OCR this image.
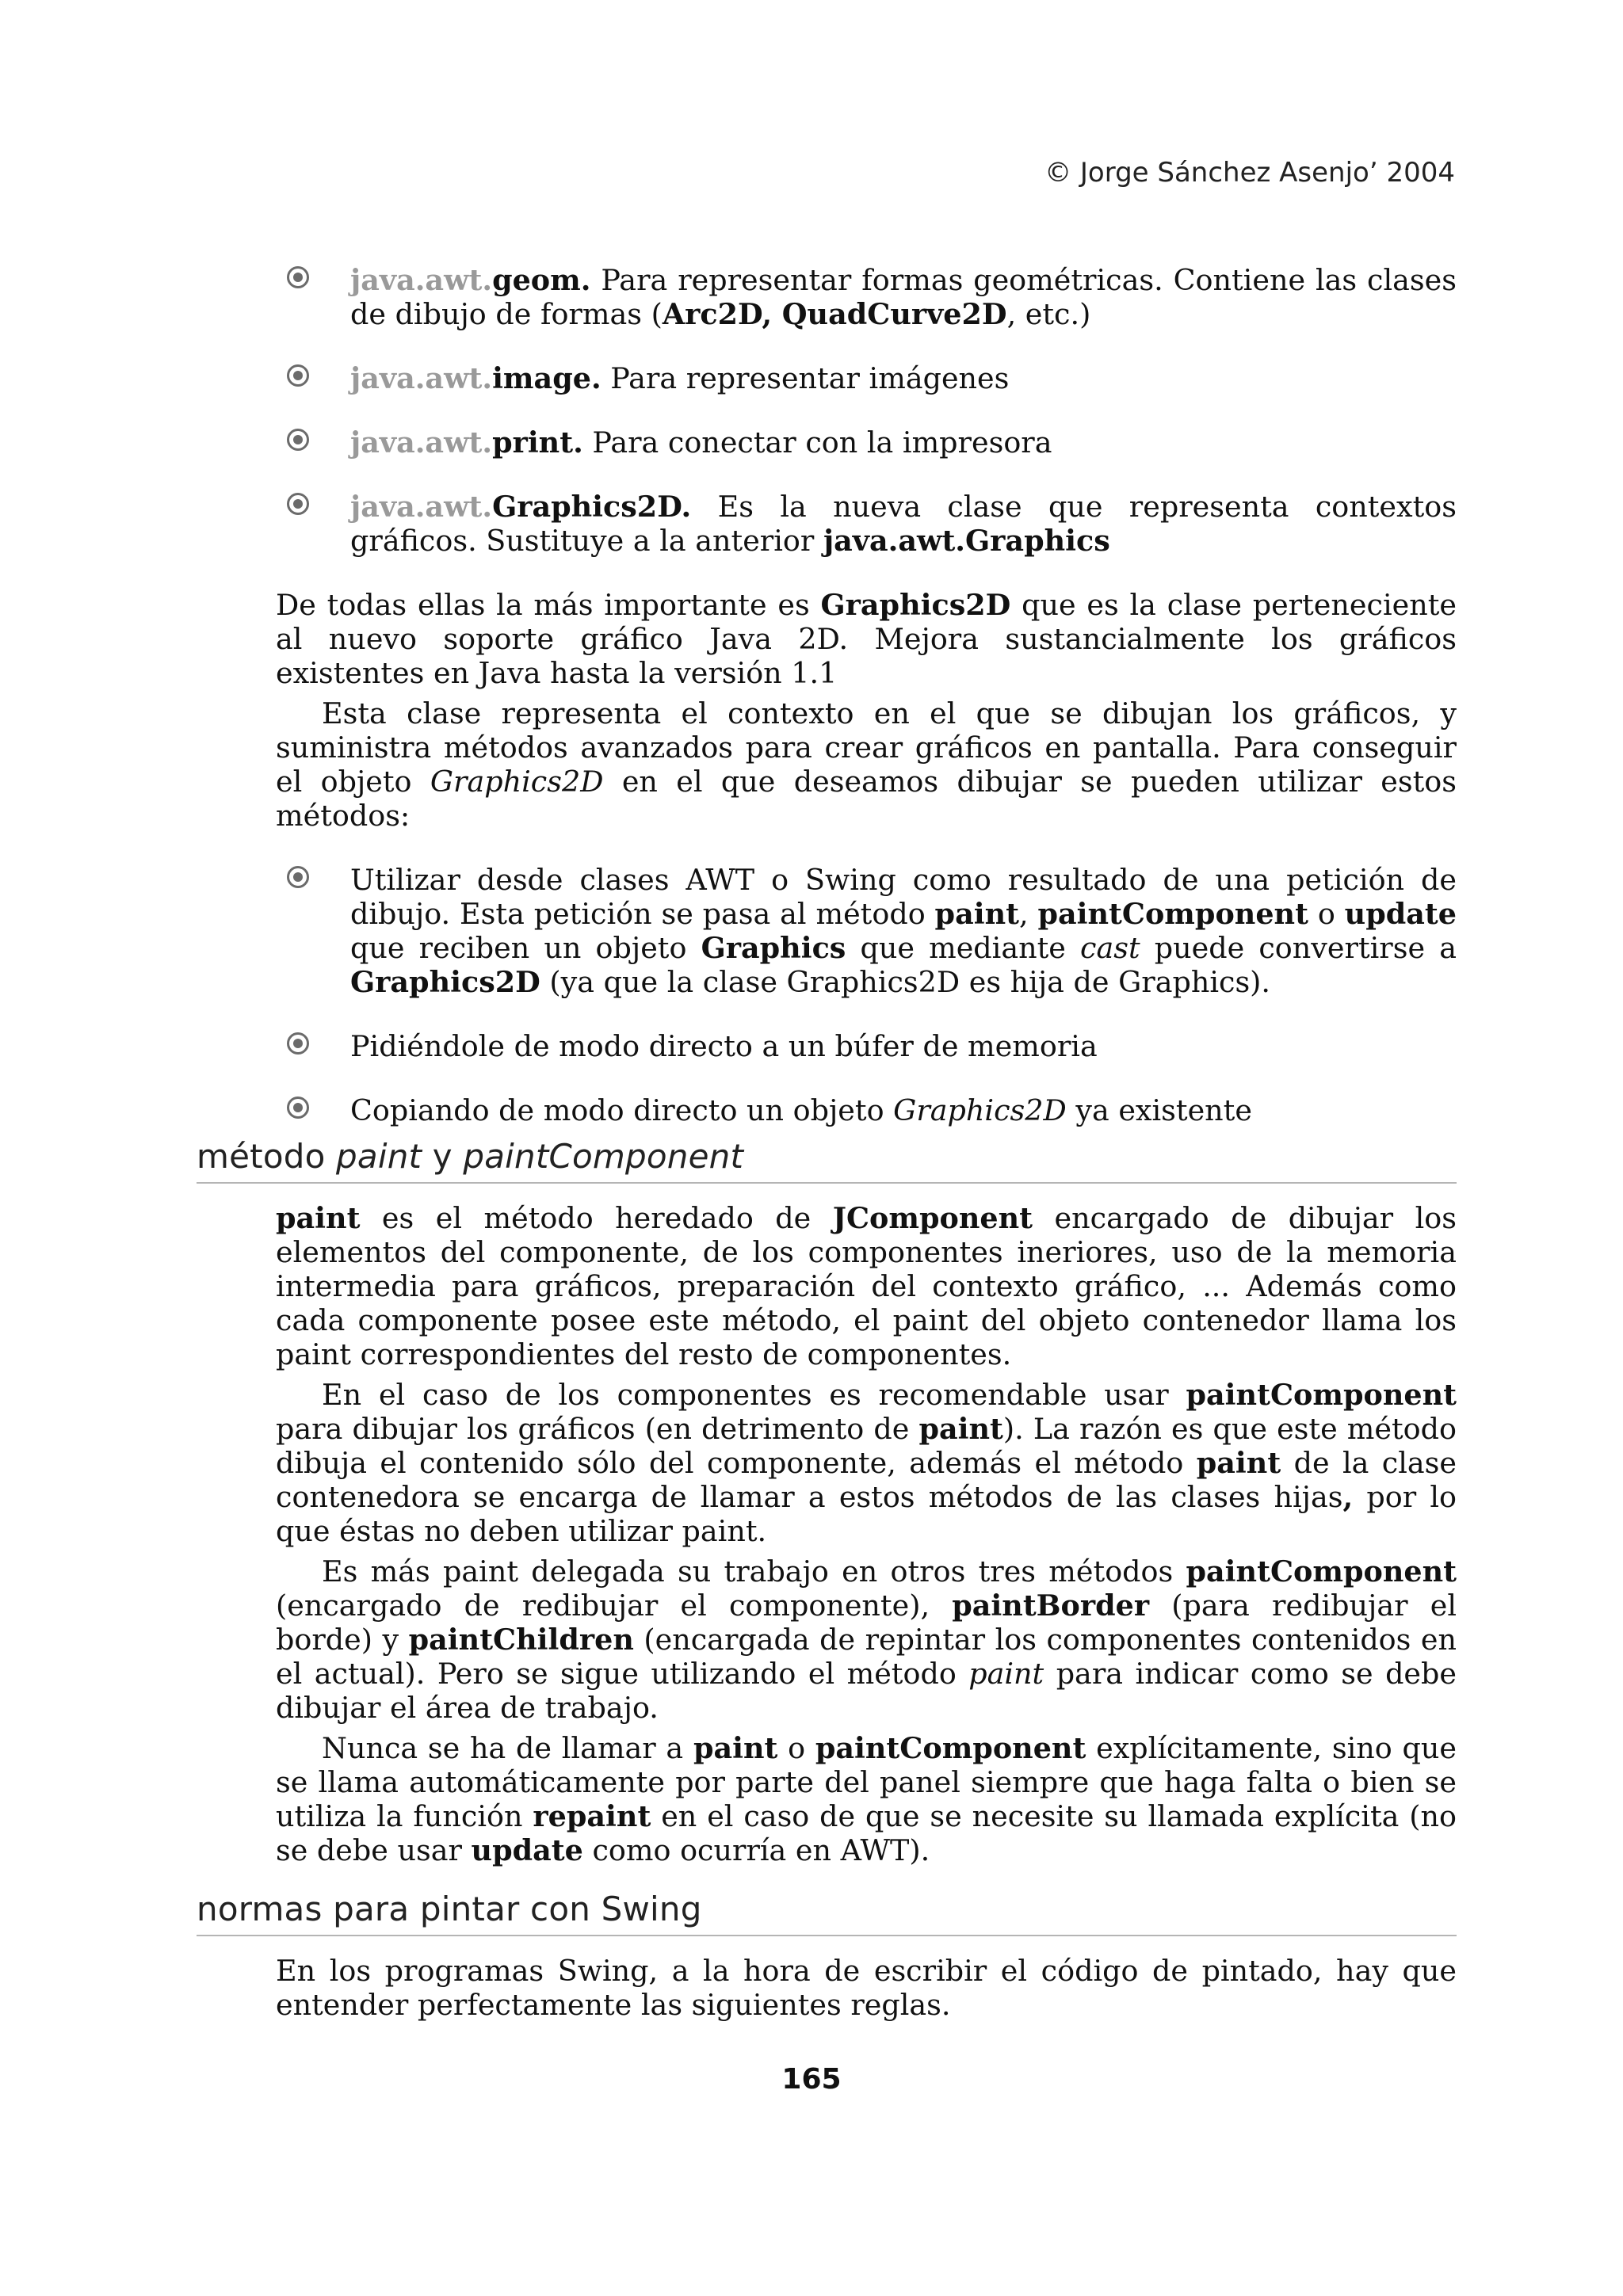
© Jorge Sánchez Asenjo’ 2004
java.awt.geom. Para representar formas geométricas. Contiene las clases de dibujo de formas (Arc2D, QuadCurve2D, etc.)
java.awt.image. Para representar imágenes
java.awt.print. Para conectar con la impresora
java.awt.Graphics2D. Es la nueva clase que representa contextos gráficos. Sustituye a la anterior java.awt.Graphics
De todas ellas la más importante es Graphics2D que es la clase perteneciente al nuevo soporte gráfico Java 2D. Mejora sustancialmente los gráficos existentes en Java hasta la versión 1.1
Esta clase representa el contexto en el que se dibujan los gráficos, y suministra métodos avanzados para crear gráficos en pantalla. Para conseguir el objeto Graphics2D en el que deseamos dibujar se pueden utilizar estos métodos:
Utilizar desde clases AWT o Swing como resultado de una petición de dibujo. Esta petición se pasa al método paint, paintComponent o update que reciben un objeto Graphics que mediante cast puede convertirse a Graphics2D (ya que la clase Graphics2D es hija de Graphics).
Pidiéndole de modo directo a un búfer de memoria
Copiando de modo directo un objeto Graphics2D ya existente
método paint y paintComponent
paint es el método heredado de JComponent encargado de dibujar los elementos del componente, de los componentes ineriores, uso de la memoria intermedia para gráficos, preparación del contexto gráfico, ... Además como cada componente posee este método, el paint del objeto contenedor llama los paint correspondientes del resto de componentes.
En el caso de los componentes es recomendable usar paintComponent para dibujar los gráficos (en detrimento de paint). La razón es que este método dibuja el contenido sólo del componente, además el método paint de la clase contenedora se encarga de llamar a estos métodos de las clases hijas, por lo que éstas no deben utilizar paint.
Es más paint delegada su trabajo en otros tres métodos paintComponent (encargado de redibujar el componente), paintBorder (para redibujar el borde) y paintChildren (encargada de repintar los componentes contenidos en el actual). Pero se sigue utilizando el método paint para indicar como se debe dibujar el área de trabajo.
Nunca se ha de llamar a paint o paintComponent explícitamente, sino que se llama automáticamente por parte del panel siempre que haga falta o bien se utiliza la función repaint en el caso de que se necesite su llamada explícita (no se debe usar update como ocurría en AWT).
normas para pintar con Swing
En los programas Swing, a la hora de escribir el código de pintado, hay que entender perfectamente las siguientes reglas.
165
